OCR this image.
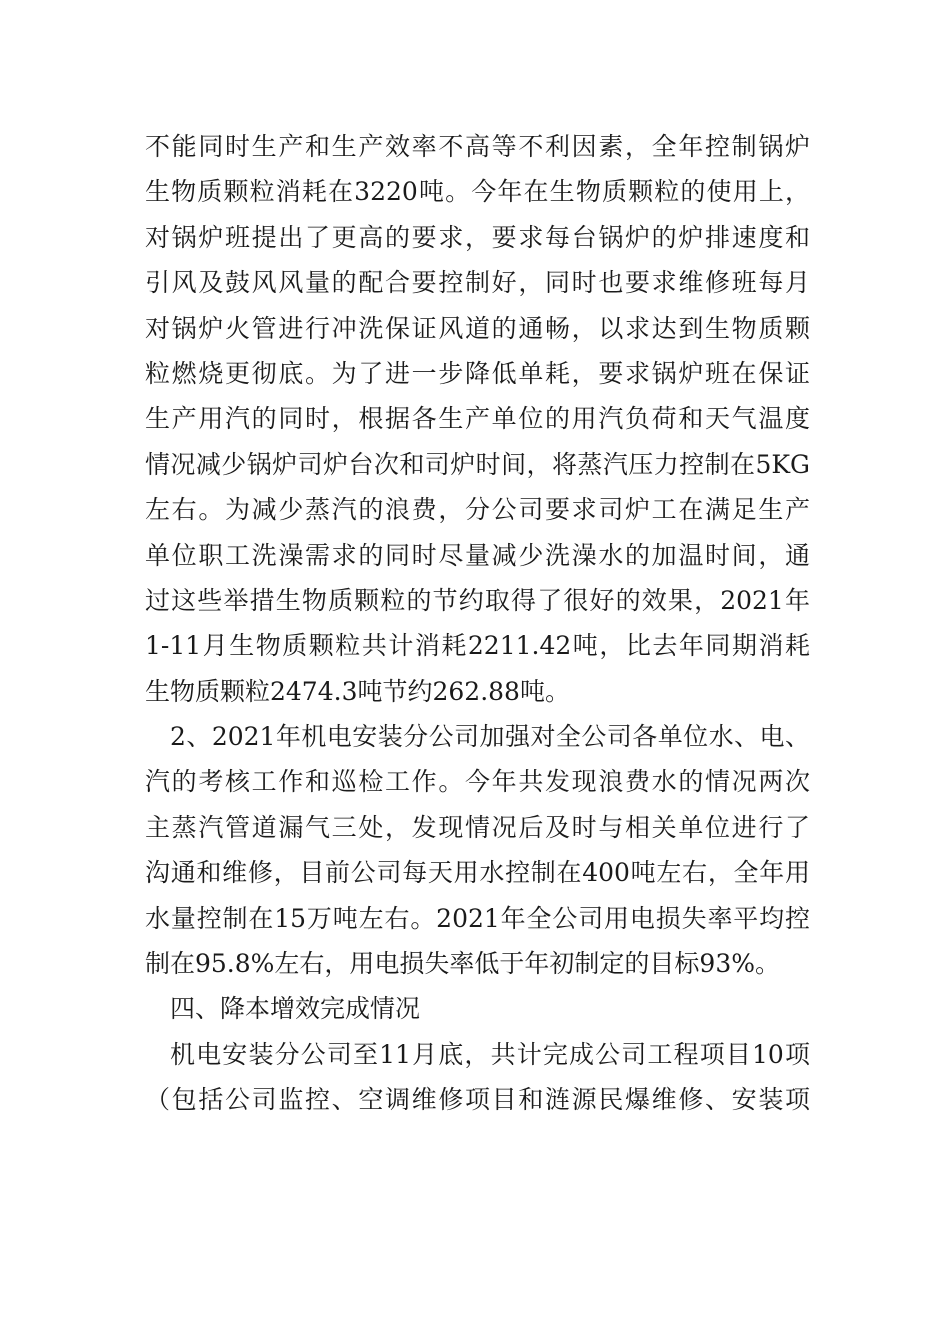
不能同时生产和生产效率不高等不利因素，全年控制锅炉
生物质颗粒消耗在3220吨。今年在生物质颗粒的使用上，
对锅炉班提出了更高的要求，要求每台锅炉的炉排速度和
引风及鼓风风量的配合要控制好，同时也要求维修班每月
对锅炉火管进行冲洗保证风道的通畅，以求达到生物质颗
粒燃烧更彻底。为了进一步降低单耗，要求锅炉班在保证
生产用汽的同时，根据各生产单位的用汽负荷和天气温度
情况减少锅炉司炉台次和司炉时间，将蒸汽压力控制在5KG
左右。为减少蒸汽的浪费，分公司要求司炉工在满足生产
单位职工洗澡需求的同时尽量减少洗澡水的加温时间，通
过这些举措生物质颗粒的节约取得了很好的效果，2021年
1-11月生物质颗粒共计消耗2211.42吨，比去年同期消耗
生物质颗粒2474.3吨节约262.88吨。
2、2021年机电安装分公司加强对全公司各单位水、电、
汽的考核工作和巡检工作。今年共发现浪费水的情况两次
主蒸汽管道漏气三处，发现情况后及时与相关单位进行了
沟通和维修，目前公司每天用水控制在400吨左右，全年用
水量控制在15万吨左右。2021年全公司用电损失率平均控
制在95.8%左右，用电损失率低于年初制定的目标93%。
四、降本增效完成情况
机电安装分公司至11月底，共计完成公司工程项目10项
（包括公司监控、空调维修项目和涟源民爆维修、安装项
